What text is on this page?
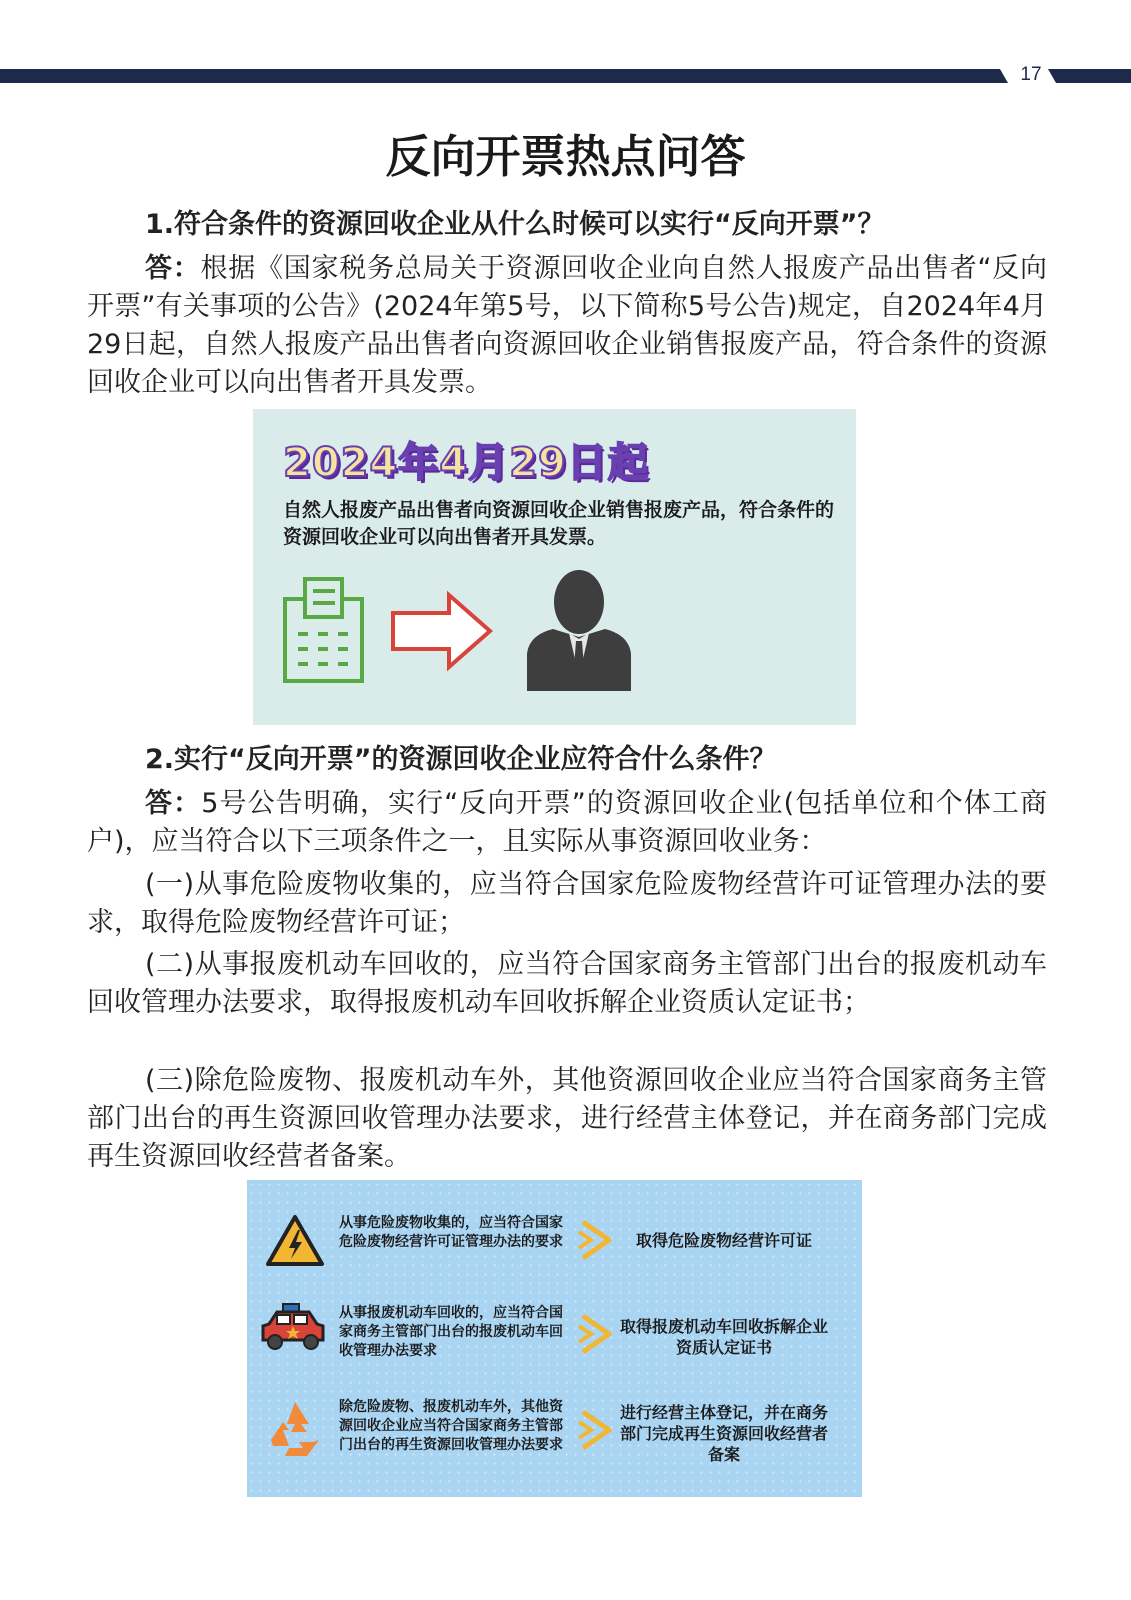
17
反向开票热点问答

1.符合条件的资源回收企业从什么时候可以实行“反向开票”？

答：根据《国家税务总局关于资源回收企业向自然人报废产品出售者“反向开票”有关事项的公告》(2024年第5号，以下简称5号公告)规定，自2024年4月29日起，自然人报废产品出售者向资源回收企业销售报废产品，符合条件的资源回收企业可以向出售者开具发票。

2024年4月29日起
自然人报废产品出售者向资源回收企业销售报废产品，符合条件的资源回收企业可以向出售者开具发票。

2.实行“反向开票”的资源回收企业应符合什么条件？

答：5号公告明确，实行“反向开票”的资源回收企业(包括单位和个体工商户)，应当符合以下三项条件之一，且实际从事资源回收业务：

(一)从事危险废物收集的，应当符合国家危险废物经营许可证管理办法的要求，取得危险废物经营许可证；

(二)从事报废机动车回收的，应当符合国家商务主管部门出台的报废机动车回收管理办法要求，取得报废机动车回收拆解企业资质认定证书；

(三)除危险废物、报废机动车外，其他资源回收企业应当符合国家商务主管部门出台的再生资源回收管理办法要求，进行经营主体登记，并在商务部门完成再生资源回收经营者备案。

从事危险废物收集的，应当符合国家危险废物经营许可证管理办法的要求	取得危险废物经营许可证
从事报废机动车回收的，应当符合国家商务主管部门出台的报废机动车回收管理办法要求
取得报废机动车回收拆解企业资质认定证书
除危险废物、报废机动车外，其他资源回收企业应当符合国家商务主管部门出台的再生资源回收管理办法要求
进行经营主体登记，并在商务部门完成再生资源回收经营者备案
